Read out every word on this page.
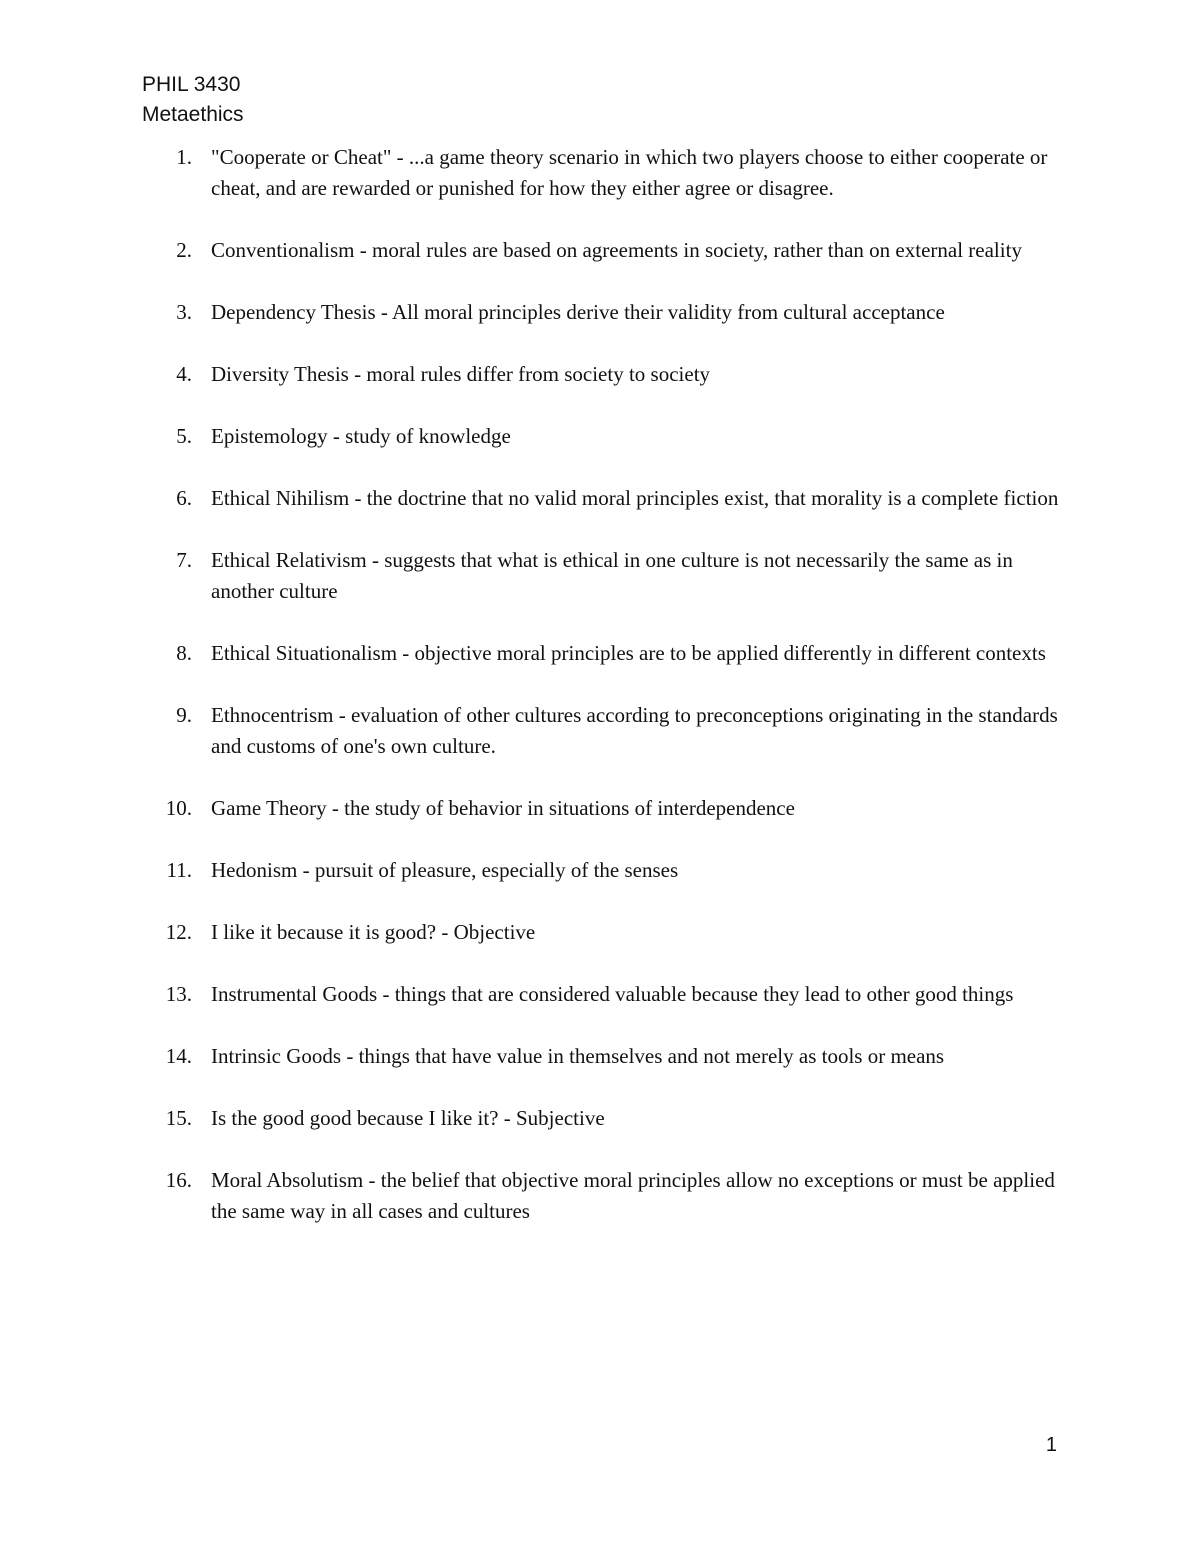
PHIL 3430
Metaethics
1. "Cooperate or Cheat" - ...a game theory scenario in which two players choose to either cooperate or cheat, and are rewarded or punished for how they either agree or disagree.
2. Conventionalism - moral rules are based on agreements in society, rather than on external reality
3. Dependency Thesis - All moral principles derive their validity from cultural acceptance
4. Diversity Thesis - moral rules differ from society to society
5. Epistemology - study of knowledge
6. Ethical Nihilism - the doctrine that no valid moral principles exist, that morality is a complete fiction
7. Ethical Relativism - suggests that what is ethical in one culture is not necessarily the same as in another culture
8. Ethical Situationalism - objective moral principles are to be applied differently in different contexts
9. Ethnocentrism - evaluation of other cultures according to preconceptions originating in the standards and customs of one's own culture.
10. Game Theory - the study of behavior in situations of interdependence
11. Hedonism - pursuit of pleasure, especially of the senses
12. I like it because it is good? - Objective
13. Instrumental Goods - things that are considered valuable because they lead to other good things
14. Intrinsic Goods - things that have value in themselves and not merely as tools or means
15. Is the good good because I like it? - Subjective
16. Moral Absolutism - the belief that objective moral principles allow no exceptions or must be applied the same way in all cases and cultures
1
